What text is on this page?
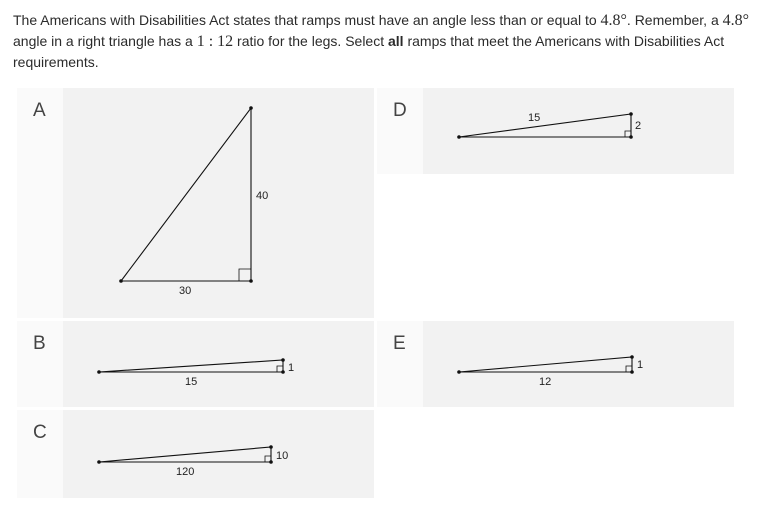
The Americans with Disabilities Act states that ramps must have an angle less than or equal to 4.8°. Remember, a 4.8° angle in a right triangle has a 1 : 12 ratio for the legs. Select all ramps that meet the Americans with Disabilities Act requirements.
A
40
30
D
2
15
B
1
15
E
1
12
C
10
120
